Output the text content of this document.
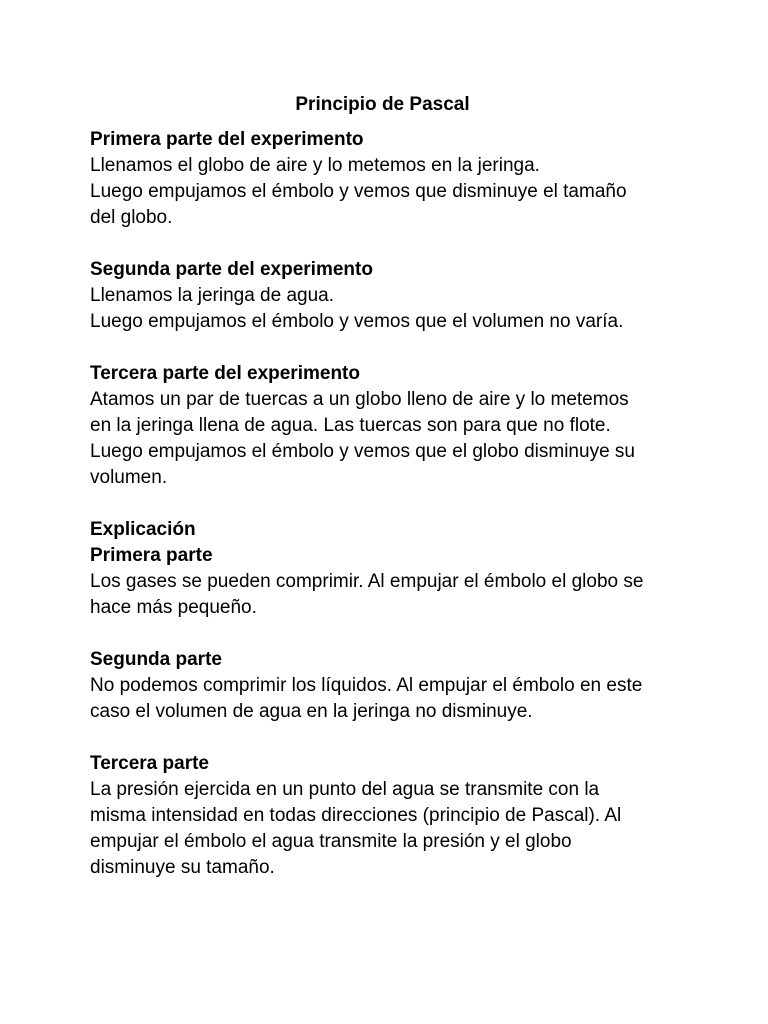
Principio de Pascal
Primera parte del experimento
Llenamos el globo de aire y lo metemos en la jeringa.
Luego empujamos el émbolo y vemos que disminuye el tamaño
del globo.
Segunda parte del experimento
Llenamos la jeringa de agua.
Luego empujamos el émbolo y vemos que el volumen no varía.
Tercera parte del experimento
Atamos un par de tuercas a un globo lleno de aire y lo metemos
en la jeringa llena de agua. Las tuercas son para que no flote.
Luego empujamos el émbolo y vemos que el globo disminuye su
volumen.
Explicación
Primera parte
Los gases se pueden comprimir. Al empujar el émbolo el globo se
hace más pequeño.
Segunda parte
No podemos comprimir los líquidos. Al empujar el émbolo en este
caso el volumen de agua en la jeringa no disminuye.
Tercera parte
La presión ejercida en un punto del agua se transmite con la
misma intensidad en todas direcciones (principio de Pascal). Al
empujar el émbolo el agua transmite la presión y el globo
disminuye su tamaño.
